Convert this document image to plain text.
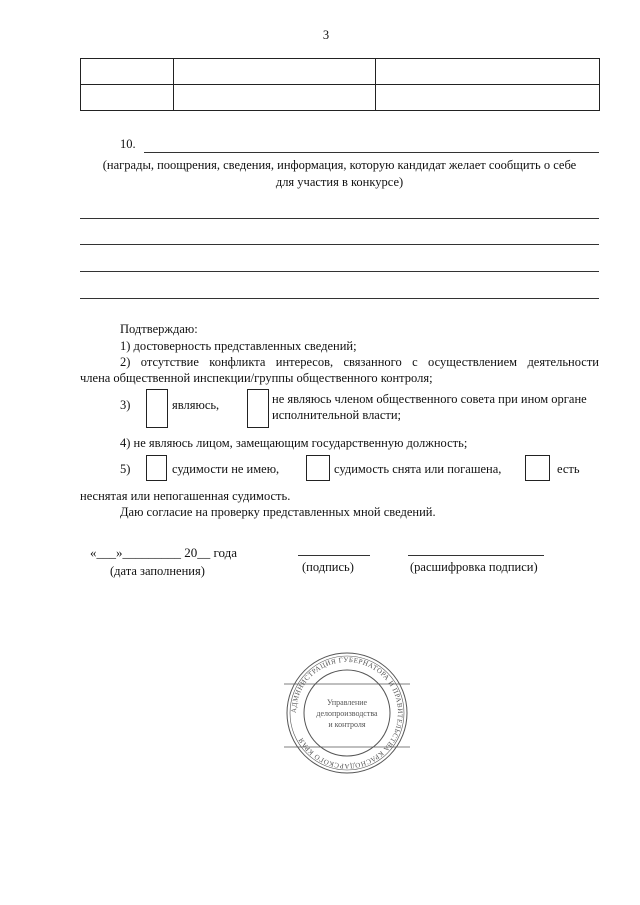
3

10.
(награды, поощрения, сведения, информация, которую кандидат желает сообщить о себе
для участия в конкурсе)
Подтверждаю:
1) достоверность представленных сведений;
2) отсутствие конфликта интересов, связанного с осуществлением деятельности
члена общественной инспекции/группы общественного контроля;
3)	являюсь,	не являюсь членом общественного совета при ином органе
исполнительной власти;
4) не являюсь лицом, замещающим государственную должность;
5)	судимости не имею,	судимость снята или погашена,	есть
неснятая или непогашенная судимость.
Даю согласие на проверку представленных мной сведений.
«___»_________ 20__ года
(дата заполнения)	(подпись)	(расшифровка подписи)
АДМИНИСТРАЦИЯ ГУБЕРНАТОРА И ПРАВИТЕЛЬСТВА КРАСНОДАРСКОГО КРАЯ
Управление
делопроизводства
и контроля
